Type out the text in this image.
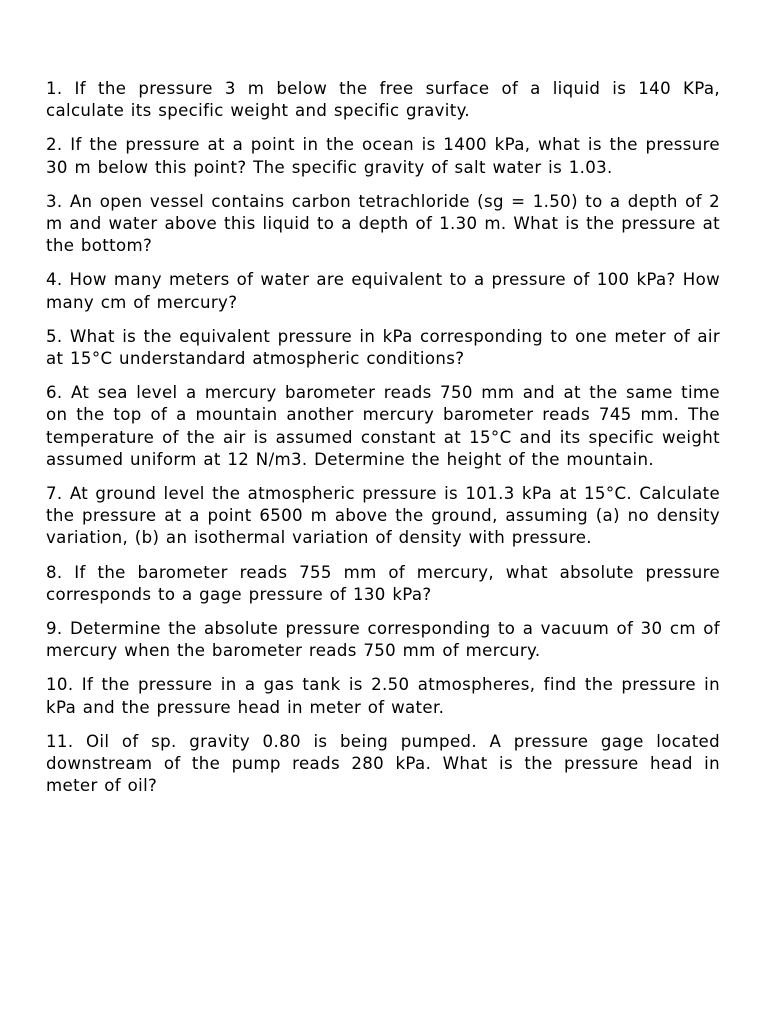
1. If the pressure 3 m below the free surface of a liquid is 140 KPa, calculate its specific weight and specific gravity.

2. If the pressure at a point in the ocean is 1400 kPa, what is the pressure 30 m below this point? The specific gravity of salt water is 1.03.

3. An open vessel contains carbon tetrachloride (sg = 1.50) to a depth of 2 m and water above this liquid to a depth of 1.30 m. What is the pressure at the bottom?

4. How many meters of water are equivalent to a pressure of 100 kPa? How many cm of mercury?

5. What is the equivalent pressure in kPa corresponding to one meter of air at 15°C understandard atmospheric conditions?

6. At sea level a mercury barometer reads 750 mm and at the same time on the top of a mountain another mercury barometer reads 745 mm. The temperature of the air is assumed constant at 15°C and its specific weight assumed uniform at 12 N/m3. Determine the height of the mountain.

7. At ground level the atmospheric pressure is 101.3 kPa at 15°C. Calculate the pressure at a point 6500 m above the ground, assuming (a) no density variation, (b) an isothermal variation of density with pressure.

8. If the barometer reads 755 mm of mercury, what absolute pressure corresponds to a gage pressure of 130 kPa?

9. Determine the absolute pressure corresponding to a vacuum of 30 cm of mercury when the barometer reads 750 mm of mercury.

10. If the pressure in a gas tank is 2.50 atmospheres, find the pressure in kPa and the pressure head in meter of water.

11. Oil of sp. gravity 0.80 is being pumped. A pressure gage located downstream of the pump reads 280 kPa. What is the pressure head in meter of oil?
